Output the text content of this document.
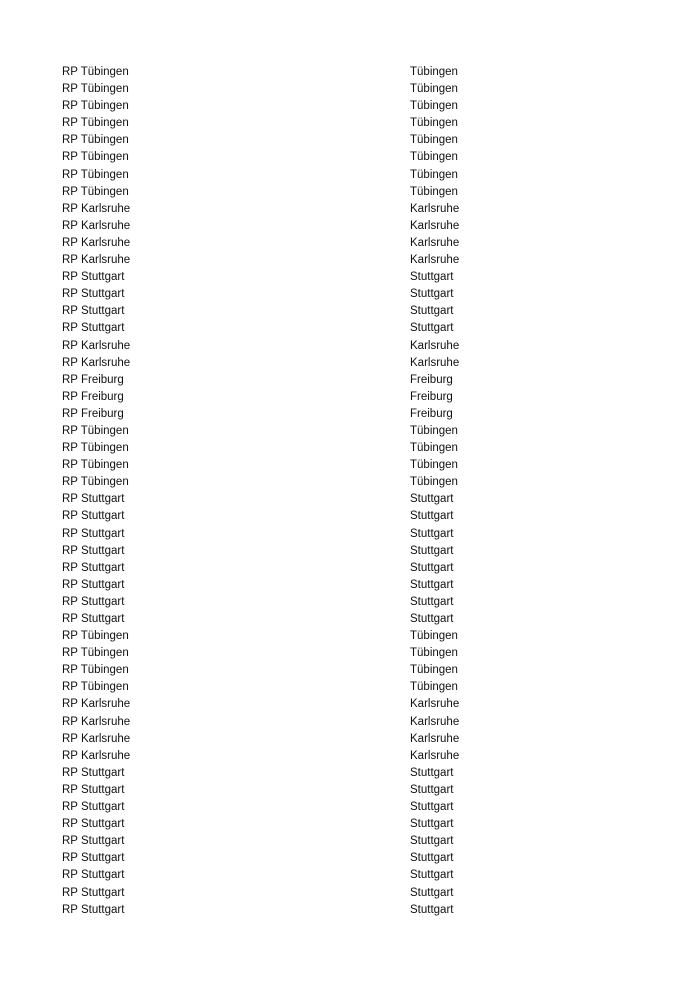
RP Tübingen	Tübingen
RP Tübingen	Tübingen
RP Tübingen	Tübingen
RP Tübingen	Tübingen
RP Tübingen	Tübingen
RP Tübingen	Tübingen
RP Tübingen	Tübingen
RP Tübingen	Tübingen
RP Karlsruhe	Karlsruhe
RP Karlsruhe	Karlsruhe
RP Karlsruhe	Karlsruhe
RP Karlsruhe	Karlsruhe
RP Stuttgart	Stuttgart
RP Stuttgart	Stuttgart
RP Stuttgart	Stuttgart
RP Stuttgart	Stuttgart
RP Karlsruhe	Karlsruhe
RP Karlsruhe	Karlsruhe
RP Freiburg	Freiburg
RP Freiburg	Freiburg
RP Freiburg	Freiburg
RP Tübingen	Tübingen
RP Tübingen	Tübingen
RP Tübingen	Tübingen
RP Tübingen	Tübingen
RP Stuttgart	Stuttgart
RP Stuttgart	Stuttgart
RP Stuttgart	Stuttgart
RP Stuttgart	Stuttgart
RP Stuttgart	Stuttgart
RP Stuttgart	Stuttgart
RP Stuttgart	Stuttgart
RP Stuttgart	Stuttgart
RP Tübingen	Tübingen
RP Tübingen	Tübingen
RP Tübingen	Tübingen
RP Tübingen	Tübingen
RP Karlsruhe	Karlsruhe
RP Karlsruhe	Karlsruhe
RP Karlsruhe	Karlsruhe
RP Karlsruhe	Karlsruhe
RP Stuttgart	Stuttgart
RP Stuttgart	Stuttgart
RP Stuttgart	Stuttgart
RP Stuttgart	Stuttgart
RP Stuttgart	Stuttgart
RP Stuttgart	Stuttgart
RP Stuttgart	Stuttgart
RP Stuttgart	Stuttgart
RP Stuttgart	Stuttgart
